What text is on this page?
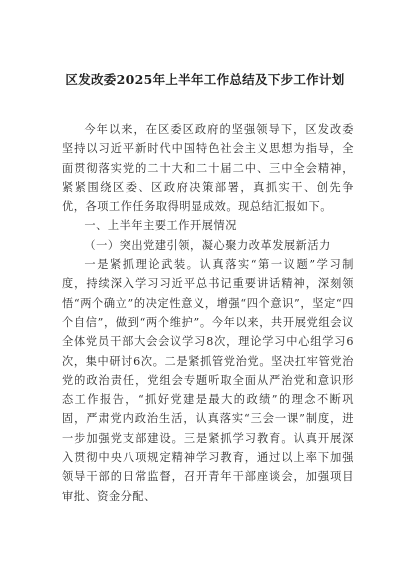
区发改委2025年上半年工作总结及下步工作计划

今年以来，在区委区政府的坚强领导下，区发改委坚持以习近平新时代中国特色社会主义思想为指导，全面贯彻落实党的二十大和二十届二中、三中全会精神，紧紧围绕区委、区政府决策部署，真抓实干、创先争优，各项工作任务取得明显成效。现总结汇报如下。

一、上半年主要工作开展情况

（一）突出党建引领，凝心聚力改革发展新活力

一是紧抓理论武装。认真落实“第一议题”学习制度，持续深入学习习近平总书记重要讲话精神，深刻领悟“两个确立”的决定性意义，增强“四个意识”，坚定“四个自信”，做到“两个维护”。今年以来，共开展党组会议全体党员干部大会会议学习8次，理论学习中心组学习6次，集中研讨6次。二是紧抓管党治党。坚决扛牢管党治党的政治责任，党组会专题听取全面从严治党和意识形态工作报告，“抓好党建是最大的政绩”的理念不断巩固，严肃党内政治生活，认真落实“三会一课”制度，进一步加强党支部建设。三是紧抓学习教育。认真开展深入贯彻中央八项规定精神学习教育，通过以上率下加强领导干部的日常监督，召开青年干部座谈会，加强项目审批、资金分配、
